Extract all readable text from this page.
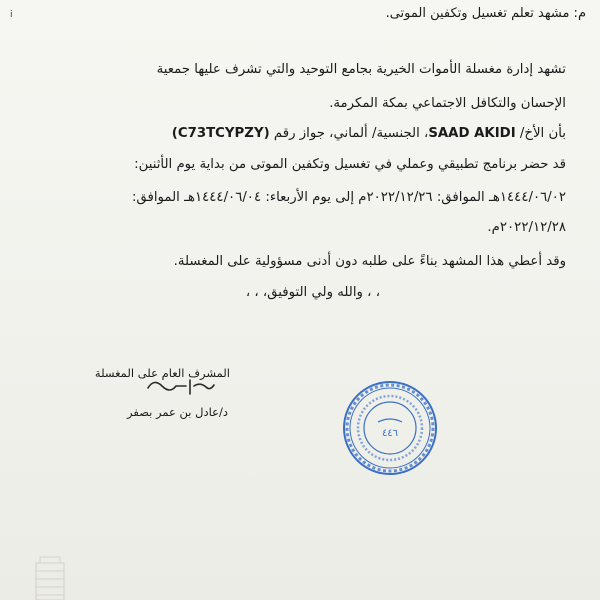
i	م: مشهد تعلم تغسيل وتكفين الموتى.
تشهد إدارة مغسلة الأموات الخيرية بجامع التوحيد والتي تشرف عليها جمعية
الإحسان والتكافل الاجتماعي بمكة المكرمة.
بأن الأخ/ SAAD AKIDI، الجنسية/ ألماني، جواز رقم (C73TCYPZY)
قد حضر برنامج تطبيقي وعملي في تغسيل وتكفين الموتى من بداية يوم الأثنين:
١٤٤٤/٠٦/٠٢هـ الموافق: ٢٠٢٢/١٢/٢٦م إلى يوم الأربعاء: ١٤٤٤/٠٦/٠٤هـ الموافق:
٢٠٢٢/١٢/٢٨م.
وقد أعطي هذا المشهد بناءً على طلبه دون أدنى مسؤولية على المغسلة.
، ، والله ولي التوفيق، ، ،
المشرف العام على المغسلة
د/عادل بن عمر بصفر
٤٤٦
